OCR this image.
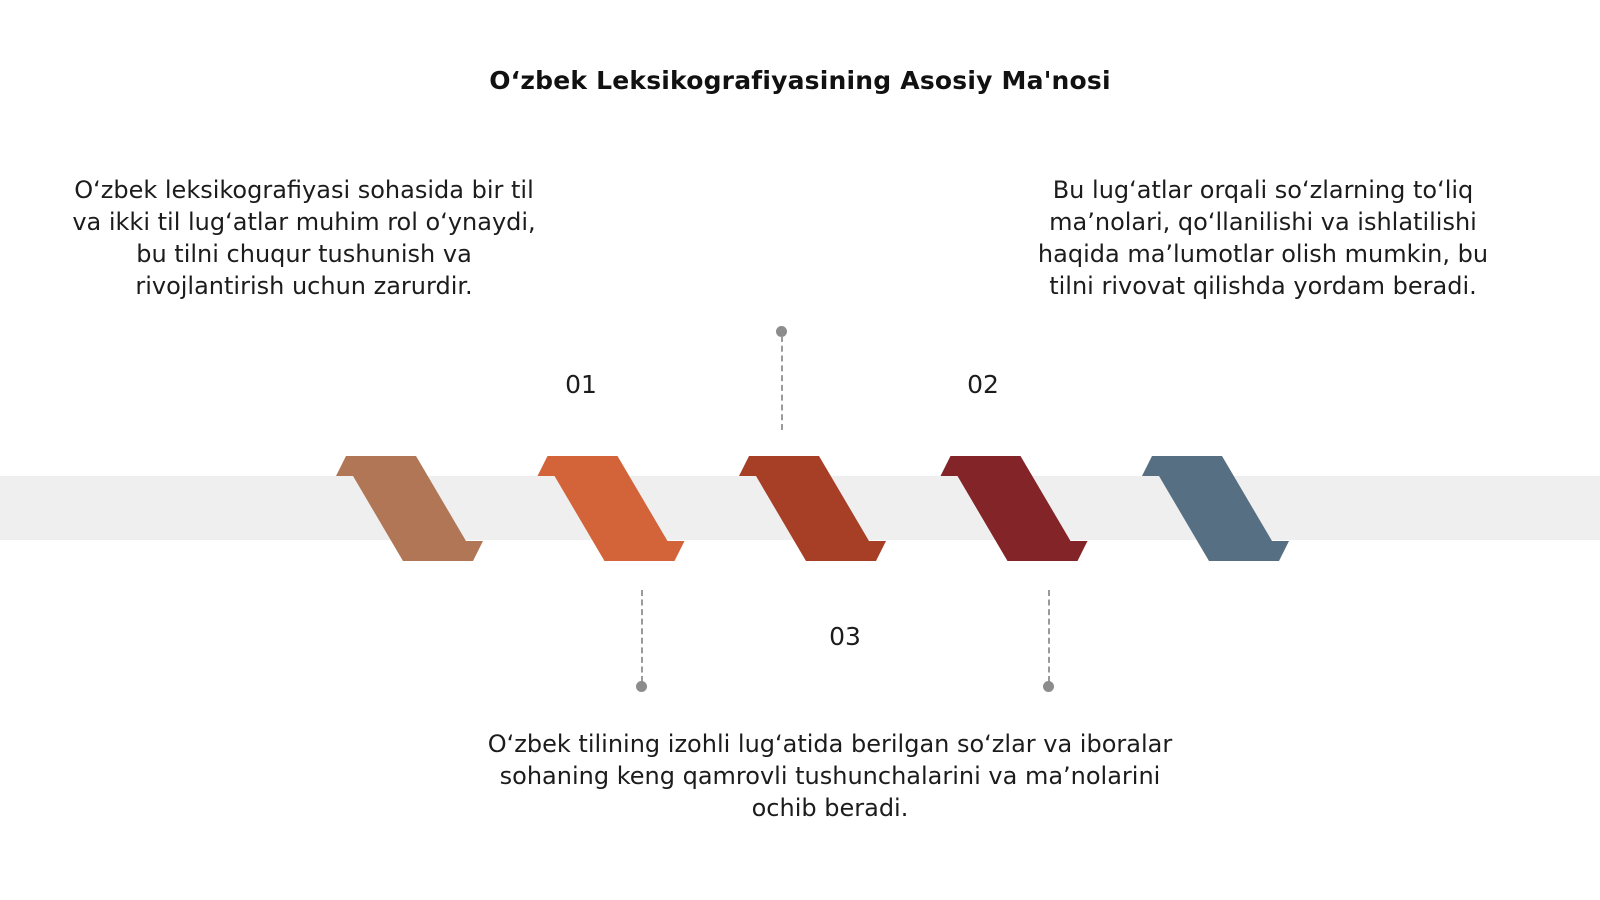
O‘zbek Leksikografiyasining Asosiy Ma'nosi
O‘zbek leksikografiyasi sohasida bir til va ikki til lug‘atlar muhim rol o‘ynaydi, bu tilni chuqur tushunish va rivojlantirish uchun zarurdir.
Bu lug‘atlar orqali so‘zlarning to‘liq ma’nolari, qo‘llanilishi va ishlatilishi haqida ma’lumotlar olish mumkin, bu tilni rivovat qilishda yordam beradi.
O‘zbek tilining izohli lug‘atida berilgan so‘zlar va iboralar sohaning keng qamrovli tushunchalarini va ma’nolarini ochib beradi.
01	02
03
